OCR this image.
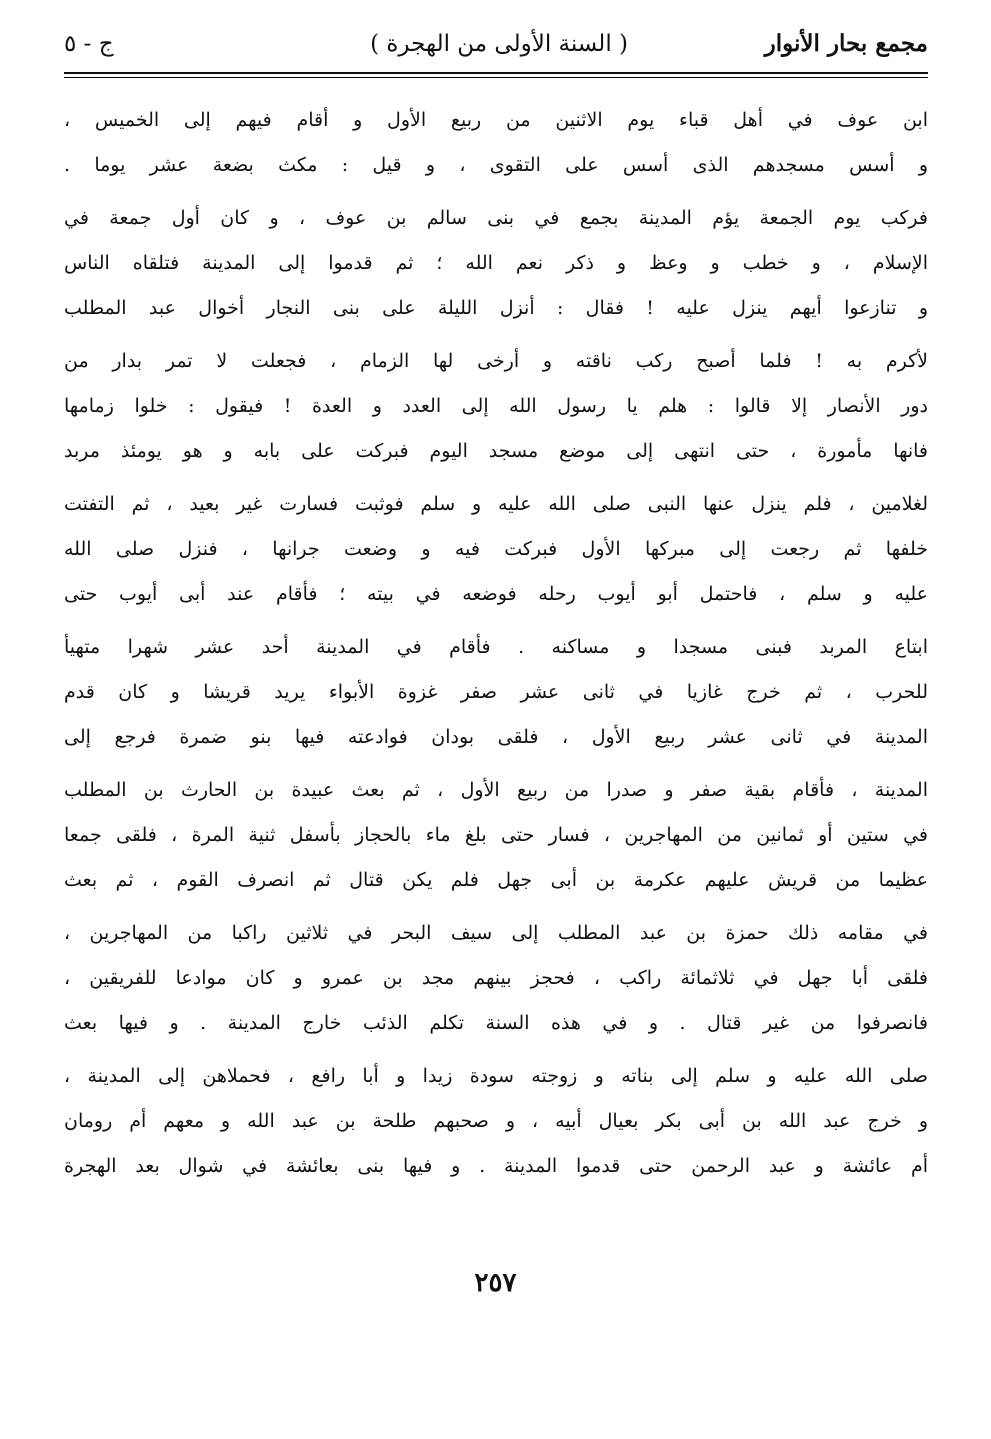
مجمع بحار الأنوار
( السنة الأولى من الهجرة )
ج - ٥
ابن عوف في أهل قباء يوم الاثنين من ربيع الأول و أقام فيهم إلى الخميس ،
و أسس مسجدهم الذى أسس على التقوى ، و قيل : مكث بضعة عشر يوما .
فركب يوم الجمعة يؤم المدينة بجمع في بنى سالم بن عوف ، و كان أول جمعة في
الإسلام ، و خطب و وعظ و ذكر نعم الله ؛ ثم قدموا إلى المدينة فتلقاه الناس
و تنازعوا أيهم ينزل عليه ! فقال : أنزل الليلة على بنى النجار أخوال عبد المطلب
لأكرم به ! فلما أصبح ركب ناقته و أرخى لها الزمام ، فجعلت لا تمر بدار من
دور الأنصار إلا قالوا : هلم يا رسول الله إلى العدد و العدة ! فيقول : خلوا زمامها
فانها مأمورة ، حتى انتهى إلى موضع مسجد اليوم فبركت على بابه و هو يومئذ مربد
لغلامين ، فلم ينزل عنها النبى صلى الله عليه و سلم فوثبت فسارت غير بعيد ، ثم التفتت
خلفها ثم رجعت إلى مبركها الأول فبركت فيه و وضعت جرانها ، فنزل صلى الله
عليه و سلم ، فاحتمل أبو أيوب رحله فوضعه في بيته ؛ فأقام عند أبى أيوب حتى
ابتاع المربد فبنى مسجدا و مساكنه . فأقام في المدينة أحد عشر شهرا متهيأ
للحرب ، ثم خرج غازيا في ثانى عشر صفر غزوة الأبواء يريد قريشا و كان قدم
المدينة في ثانى عشر ربيع الأول ، فلقى بودان فوادعته فيها بنو ضمرة فرجع إلى
المدينة ، فأقام بقية صفر و صدرا من ربيع الأول ، ثم بعث عبيدة بن الحارث بن المطلب
في ستين أو ثمانين من المهاجرين ، فسار حتى بلغ ماء بالحجاز بأسفل ثنية المرة ، فلقى جمعا
عظيما من قريش عليهم عكرمة بن أبى جهل فلم يكن قتال ثم انصرف القوم ، ثم بعث
في مقامه ذلك حمزة بن عبد المطلب إلى سيف البحر في ثلاثين راكبا من المهاجرين ،
فلقى أبا جهل في ثلاثمائة راكب ، فحجز بينهم مجد بن عمرو و كان موادعا للفريقين ،
فانصرفوا من غير قتال . و في هذه السنة تكلم الذئب خارج المدينة . و فيها بعث
صلى الله عليه و سلم إلى بناته و زوجته سودة زيدا و أبا رافع ، فحملاهن إلى المدينة ،
و خرج عبد الله بن أبى بكر بعيال أبيه ، و صحبهم طلحة بن عبد الله و معهم أم رومان
أم عائشة و عبد الرحمن حتى قدموا المدينة . و فيها بنى بعائشة في شوال بعد الهجرة
٢٥٧
